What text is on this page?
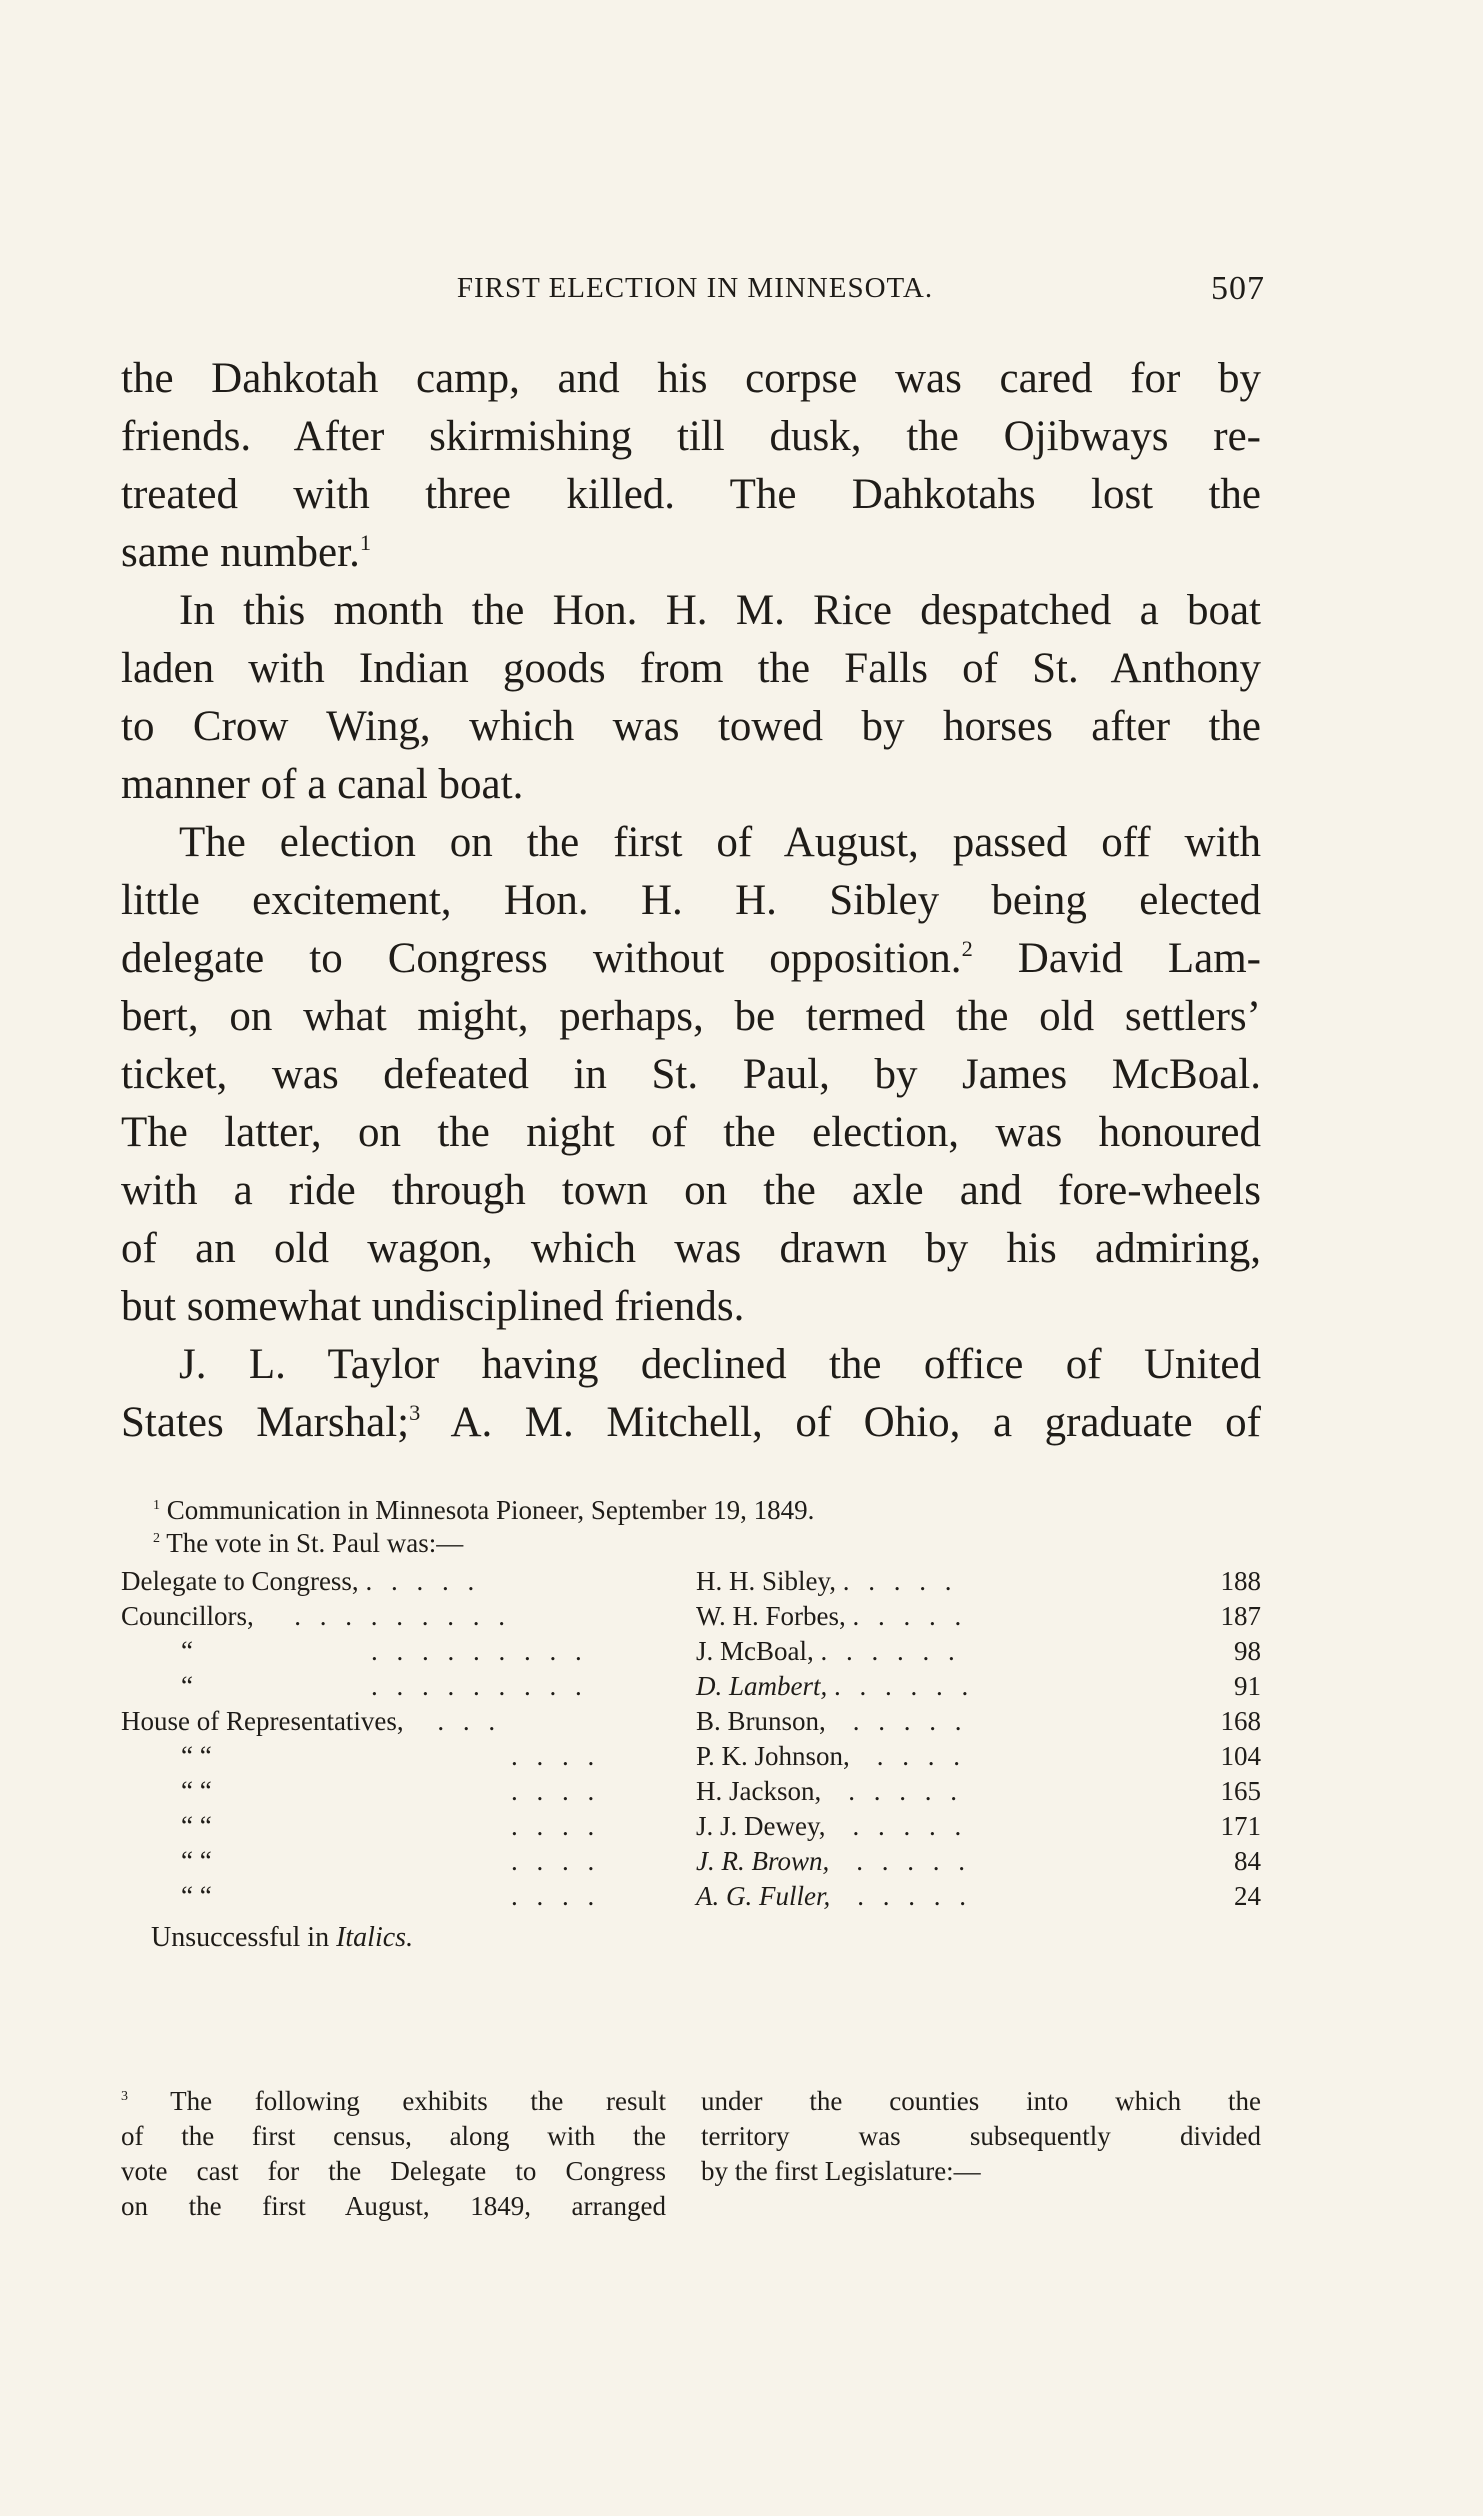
FIRST ELECTION IN MINNESOTA.	507
the Dahkotah camp, and his corpse was cared for by
friends. After skirmishing till dusk, the Ojibways re-
treated with three killed. The Dahkotahs lost the
same number.$^1$
In this month the Hon. H. M. Rice despatched a boat
laden with Indian goods from the Falls of St. Anthony
to Crow Wing, which was towed by horses after the
manner of a canal boat.
The election on the first of August, passed off with
little excitement, Hon. H. H. Sibley being elected
delegate to Congress without opposition.$^2$ David Lam-
bert, on what might, perhaps, be termed the old settlers’
ticket, was defeated in St. Paul, by James McBoal.
The latter, on the night of the election, was honoured
with a ride through town on the axle and fore-wheels
of an old wagon, which was drawn by his admiring,
but somewhat undisciplined friends.
J. L. Taylor having declined the office of United
States Marshal;$^3$ A. M. Mitchell, of Ohio, a graduate of
$^1$ Communication in Minnesota Pioneer, September 19, 1849.
$^2$ The vote in St. Paul was:—
Delegate to Congress, . . . . .	H. H. Sibley, . . . . .	188
Councillors, . . . . . . . . .	W. H. Forbes, . . . . .	187
“ . . . . . . . . .	J. McBoal, . . . . . .	98
“ . . . . . . . . .	D. Lambert, . . . . . .	91
House of Representatives, . . .	B. Brunson, . . . . .	168
“ “ . . . .	P. K. Johnson, . . . .	104
“ “ . . . .	H. Jackson, . . . . .	165
“ “ . . . .	J. J. Dewey, . . . . .	171
“ “ . . . .	J. R. Brown, . . . . .	84
“ “ . . . .	A. G. Fuller, . . . . .	24
Unsuccessful in Italics.
$^3$ The following exhibits the result
of the first census, along with the
vote cast for the Delegate to Congress
on the first August, 1849, arranged
under the counties into which the
territory was subsequently divided
by the first Legislature:—
